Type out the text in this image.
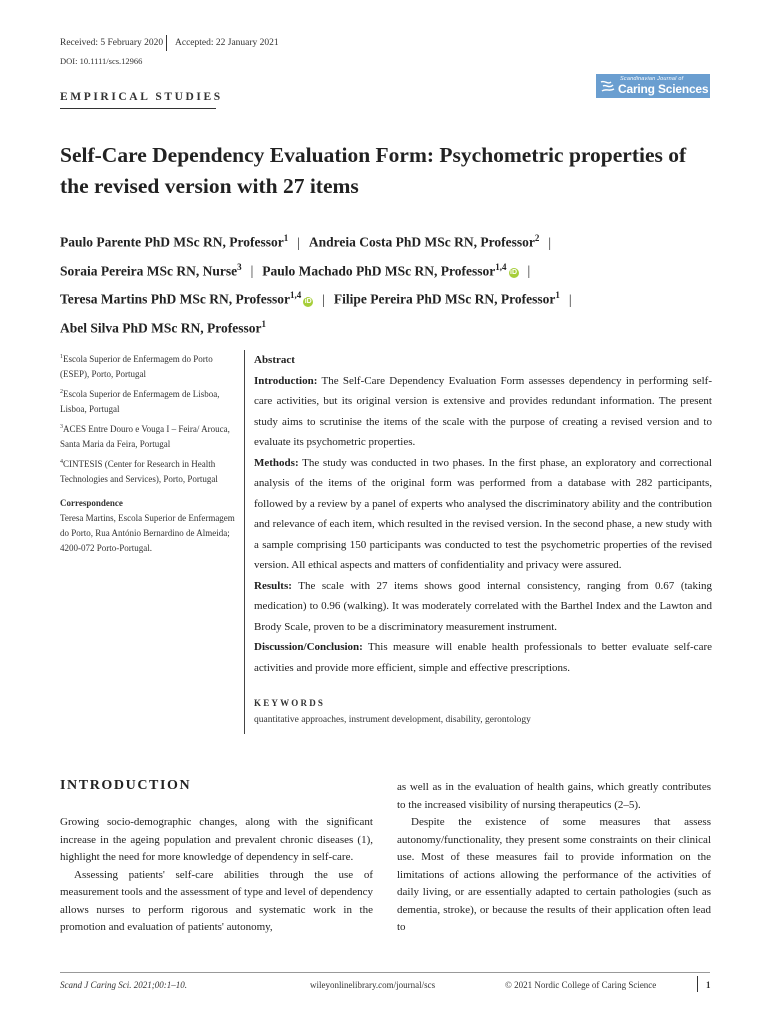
Received: 5 February 2020 Accepted: 22 January 2021
DOI: 10.1111/scs.12966
EMPIRICAL STUDIES
Scandinavian Journal of
Caring Sciences
Self-Care Dependency Evaluation Form: Psychometric properties of the revised version with 27 items
Paulo Parente PhD MSc RN, Professor$^1$ | Andreia Costa PhD MSc RN, Professor$^2$ |
Soraia Pereira MSc RN, Nurse$^3$ | Paulo Machado PhD MSc RN, Professor$^{1,4}$iD |
Teresa Martins PhD MSc RN, Professor$^{1,4}$iD | Filipe Pereira PhD MSc RN, Professor$^1$ |
Abel Silva PhD MSc RN, Professor$^1$
$^1$Escola Superior de Enfermagem do Porto (ESEP), Porto, Portugal
$^2$Escola Superior de Enfermagem de Lisboa, Lisboa, Portugal
$^3$ACES Entre Douro e Vouga I – Feira/ Arouca, Santa Maria da Feira, Portugal
$^4$CINTESIS (Center for Research in Health Technologies and Services), Porto, Portugal
Correspondence
Teresa Martins, Escola Superior de Enfermagem do Porto, Rua António Bernardino de Almeida; 4200-072 Porto-Portugal.
Abstract
Introduction: The Self-Care Dependency Evaluation Form assesses dependency in performing self-care activities, but its original version is extensive and provides redundant information. The present study aims to scrutinise the items of the scale with the purpose of creating a revised version and to evaluate its psychometric properties.
Methods: The study was conducted in two phases. In the first phase, an exploratory and correctional analysis of the items of the original form was performed from a database with 282 participants, followed by a review by a panel of experts who analysed the discriminatory ability and the contribution and relevance of each item, which resulted in the revised version. In the second phase, a new study with a sample comprising 150 participants was conducted to test the psychometric properties of the revised version. All ethical aspects and matters of confidentiality and privacy were assured.
Results: The scale with 27 items shows good internal consistency, ranging from 0.67 (taking medication) to 0.96 (walking). It was moderately correlated with the Barthel Index and the Lawton and Brody Scale, proven to be a discriminatory measurement instrument.
Discussion/Conclusion: This measure will enable health professionals to better evaluate self-care activities and provide more efficient, simple and effective prescriptions.
KEYWORDS
quantitative approaches, instrument development, disability, gerontology
INTRODUCTION

Growing socio-demographic changes, along with the significant increase in the ageing population and prevalent chronic diseases (1), highlight the need for more knowledge of dependency in self-care.

Assessing patients' self-care abilities through the use of measurement tools and the assessment of type and level of dependency allows nurses to perform rigorous and systematic work in the promotion and evaluation of patients' autonomy,

as well as in the evaluation of health gains, which greatly contributes to the increased visibility of nursing therapeutics (2–5).

Despite the existence of some measures that assess autonomy/functionality, they present some constraints on their clinical use. Most of these measures fail to provide information on the limitations of actions allowing the performance of the activities of daily living, or are essentially adapted to certain pathologies (such as dementia, stroke), or because the results of their application often lead to

Scand J Caring Sci. 2021;00:1–10.	wileyonlinelibrary.com/journal/scs	© 2021 Nordic College of Caring Science	1
